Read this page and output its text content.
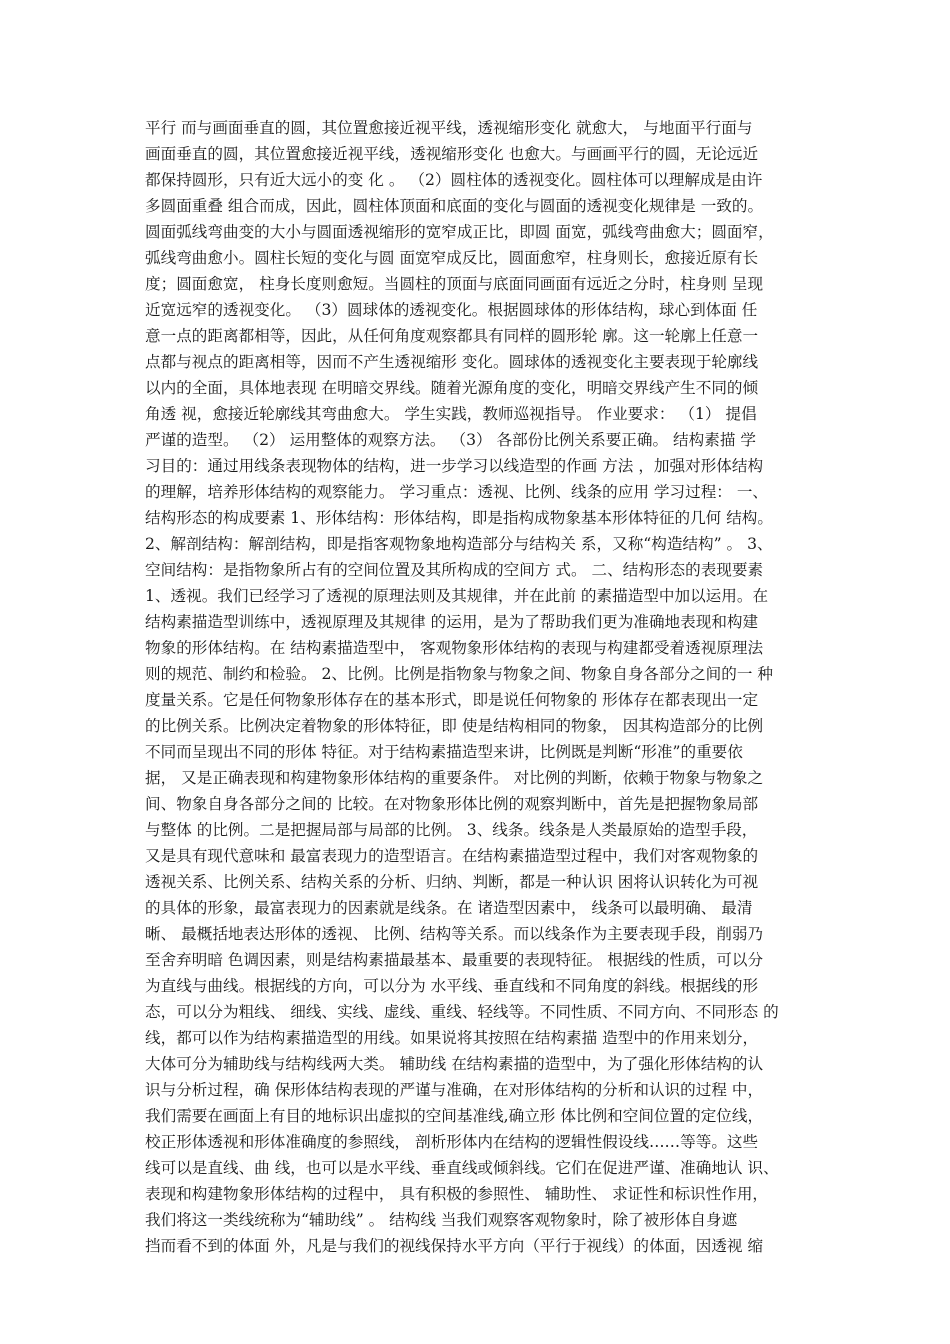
平行 而与画面垂直的圆，其位置愈接近视平线，透视缩形变化 就愈大， 与地面平行面与
画面垂直的圆，其位置愈接近视平线，透视缩形变化 也愈大。与画画平行的圆，无论远近
都保持圆形，只有近大远小的变 化 。 （2）圆柱体的透视变化。圆柱体可以理解成是由许
多圆面重叠 组合而成，因此，圆柱体顶面和底面的变化与圆面的透视变化规律是 一致的。
圆面弧线弯曲变的大小与圆面透视缩形的宽窄成正比，即圆 面宽，弧线弯曲愈大；圆面窄，
弧线弯曲愈小。圆柱长短的变化与圆 面宽窄成反比，圆面愈窄，柱身则长，愈接近原有长
度；圆面愈宽， 柱身长度则愈短。当圆柱的顶面与底面同画面有远近之分时，柱身则 呈现
近宽远窄的透视变化。 （3）圆球体的透视变化。根据圆球体的形体结构，球心到体面 任
意一点的距离都相等，因此，从任何角度观察都具有同样的圆形轮 廓。这一轮廓上任意一
点都与视点的距离相等，因而不产生透视缩形 变化。圆球体的透视变化主要表现于轮廓线
以内的全面，具体地表现 在明暗交界线。随着光源角度的变化，明暗交界线产生不同的倾
角透 视，愈接近轮廓线其弯曲愈大。 学生实践，教师巡视指导。 作业要求： （1） 提倡
严谨的造型。 （2） 运用整体的观察方法。 （3） 各部份比例关系要正确。 结构素描 学
习目的：通过用线条表现物体的结构，进一步学习以线造型的作画 方法 ，加强对形体结构
的理解，培养形体结构的观察能力。 学习重点：透视、比例、线条的应用 学习过程： 一、
结构形态的构成要素 1、形体结构：形体结构，即是指构成物象基本形体特征的几何 结构。
2、解剖结构：解剖结构，即是指客观物象地构造部分与结构关 系，又称“构造结构” 。 3、
空间结构：是指物象所占有的空间位置及其所构成的空间方 式。 二、结构形态的表现要素
1、透视。我们已经学习了透视的原理法则及其规律，并在此前 的素描造型中加以运用。在
结构素描造型训练中，透视原理及其规律 的运用，是为了帮助我们更为准确地表现和构建
物象的形体结构。在 结构素描造型中， 客观物象形体结构的表现与构建都受着透视原理法
则的规范、制约和检验。 2、比例。比例是指物象与物象之间、物象自身各部分之间的一 种
度量关系。它是任何物象形体存在的基本形式，即是说任何物象的 形体存在都表现出一定
的比例关系。比例决定着物象的形体特征，即 使是结构相同的物象， 因其构造部分的比例
不同而呈现出不同的形体 特征。对于结构素描造型来讲，比例既是判断“形准”的重要依
据， 又是正确表现和构建物象形体结构的重要条件。 对比例的判断，依赖于物象与物象之
间、物象自身各部分之间的 比较。在对物象形体比例的观察判断中，首先是把握物象局部
与整体 的比例。二是把握局部与局部的比例。 3、线条。线条是人类最原始的造型手段，
又是具有现代意味和 最富表现力的造型语言。在结构素描造型过程中，我们对客观物象的
透视关系、比例关系、结构关系的分析、归纳、判断，都是一种认识 困将认识转化为可视
的具体的形象，最富表现力的因素就是线条。在 诸造型因素中， 线条可以最明确、 最清
晰、 最概括地表达形体的透视、 比例、结构等关系。而以线条作为主要表现手段，削弱乃
至舍弃明暗 色调因素，则是结构素描最基本、最重要的表现特征。 根据线的性质，可以分
为直线与曲线。根据线的方向，可以分为 水平线、垂直线和不同角度的斜线。根据线的形
态，可以分为粗线、 细线、实线、虚线、重线、轻线等。不同性质、不同方向、不同形态 的
线，都可以作为结构素描造型的用线。如果说将其按照在结构素描 造型中的作用来划分，
大体可分为辅助线与结构线两大类。 辅助线 在结构素描的造型中，为了强化形体结构的认
识与分析过程，确 保形体结构表现的严谨与准确，在对形体结构的分析和认识的过程 中，
我们需要在画面上有目的地标识出虚拟的空间基准线,确立形 体比例和空间位置的定位线，
校正形体透视和形体准确度的参照线， 剖析形体内在结构的逻辑性假设线……等等。这些
线可以是直线、曲 线，也可以是水平线、垂直线或倾斜线。它们在促进严谨、准确地认 识、
表现和构建物象形体结构的过程中， 具有积极的参照性、 辅助性、 求证性和标识性作用，
我们将这一类线统称为“辅助线” 。 结构线 当我们观察客观物象时，除了被形体自身遮
挡而看不到的体面 外，凡是与我们的视线保持水平方向（平行于视线）的体面，因透视 缩
